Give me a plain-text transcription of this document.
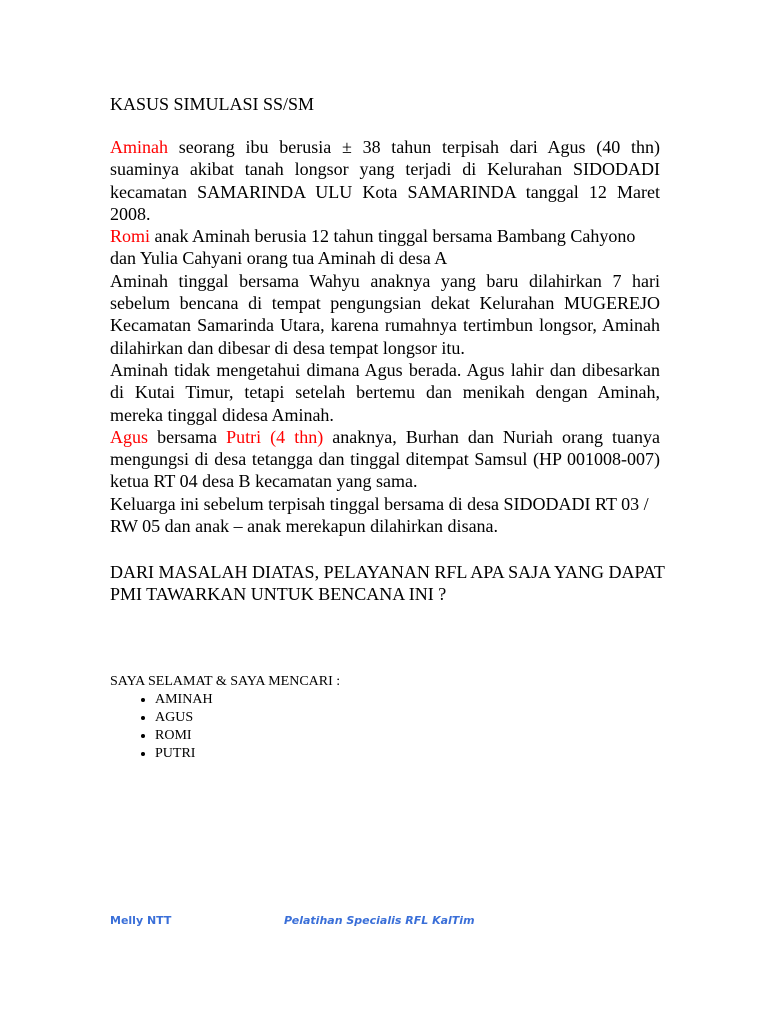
KASUS SIMULASI SS/SM

Aminah seorang ibu berusia ± 38 tahun terpisah dari Agus (40 thn) suaminya akibat tanah longsor yang terjadi di Kelurahan SIDODADI kecamatan SAMARINDA ULU Kota SAMARINDA tanggal 12 Maret 2008.

Romi anak Aminah berusia 12 tahun tinggal bersama Bambang Cahyono dan Yulia Cahyani orang tua Aminah di desa A

Aminah tinggal bersama Wahyu anaknya yang baru dilahirkan 7 hari sebelum bencana di tempat pengungsian dekat Kelurahan MUGEREJO Kecamatan Samarinda Utara, karena rumahnya tertimbun longsor, Aminah dilahirkan dan dibesar di desa tempat longsor itu.

Aminah tidak mengetahui dimana Agus berada. Agus lahir dan dibesarkan di Kutai Timur, tetapi setelah bertemu dan menikah dengan Aminah, mereka tinggal didesa Aminah.

Agus bersama Putri (4 thn) anaknya, Burhan dan Nuriah orang tuanya mengungsi di desa tetangga dan tinggal ditempat Samsul (HP 001008-007) ketua RT 04 desa B kecamatan yang sama.

Keluarga ini sebelum terpisah tinggal bersama di desa SIDODADI RT 03 / RW 05 dan anak – anak merekapun dilahirkan disana.

DARI MASALAH DIATAS, PELAYANAN RFL APA SAJA YANG DAPAT PMI TAWARKAN UNTUK BENCANA INI ?
SAYA SELAMAT & SAYA MENCARI :
• AMINAH
• AGUS
• ROMI
• PUTRI
Melly NTT	Pelatihan Specialis RFL KalTim
